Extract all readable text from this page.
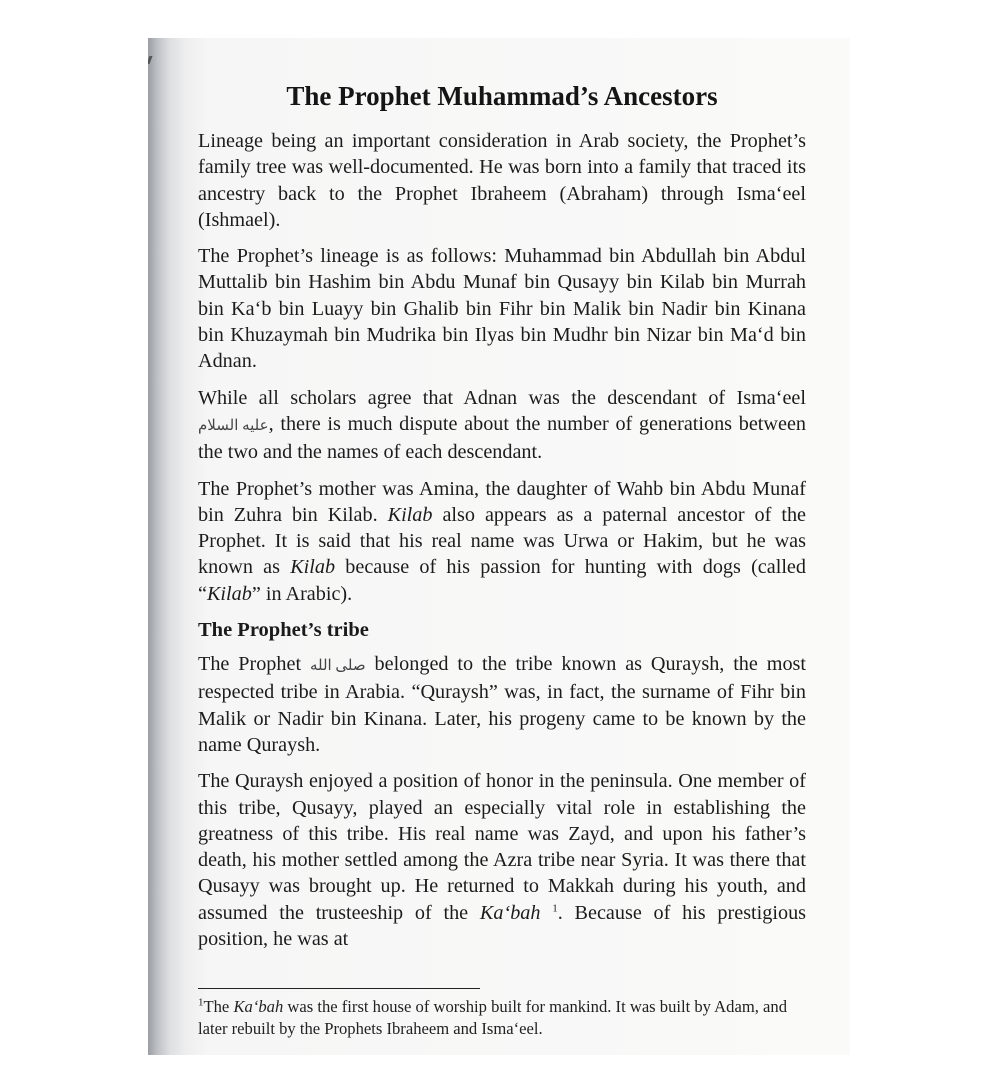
The Prophet Muhammad’s Ancestors

Lineage being an important consideration in Arab society, the Prophet’s family tree was well-documented. He was born into a family that traced its ancestry back to the Prophet Ibraheem (Abraham) through Isma‘eel (Ishmael).

The Prophet’s lineage is as follows: Muhammad bin Abdullah bin Abdul Muttalib bin Hashim bin Abdu Munaf bin Qusayy bin Kilab bin Murrah bin Ka‘b bin Luayy bin Ghalib bin Fihr bin Malik bin Nadir bin Kinana bin Khuzaymah bin Mudrika bin Ilyas bin Mudhr bin Nizar bin Ma‘d bin Adnan.

While all scholars agree that Adnan was the descendant of Isma‘eel عليه السلام, there is much dispute about the number of generations between the two and the names of each descendant.

The Prophet’s mother was Amina, the daughter of Wahb bin Abdu Munaf bin Zuhra bin Kilab. Kilab also appears as a paternal ancestor of the Prophet. It is said that his real name was Urwa or Hakim, but he was known as Kilab because of his passion for hunting with dogs (called “Kilab” in Arabic).

The Prophet’s tribe

The Prophet صلى الله belonged to the tribe known as Quraysh, the most respected tribe in Arabia. “Quraysh” was, in fact, the surname of Fihr bin Malik or Nadir bin Kinana. Later, his progeny came to be known by the name Quraysh.

The Quraysh enjoyed a position of honor in the peninsula. One member of this tribe, Qusayy, played an especially vital role in establishing the greatness of this tribe. His real name was Zayd, and upon his father’s death, his mother settled among the Azra tribe near Syria. It was there that Qusayy was brought up. He returned to Makkah during his youth, and assumed the trusteeship of the Ka‘bah $^1$. Because of his prestigious position, he was at

$^1$The Ka‘bah was the first house of worship built for mankind. It was built by Adam, and later rebuilt by the Prophets Ibraheem and Isma‘eel.
